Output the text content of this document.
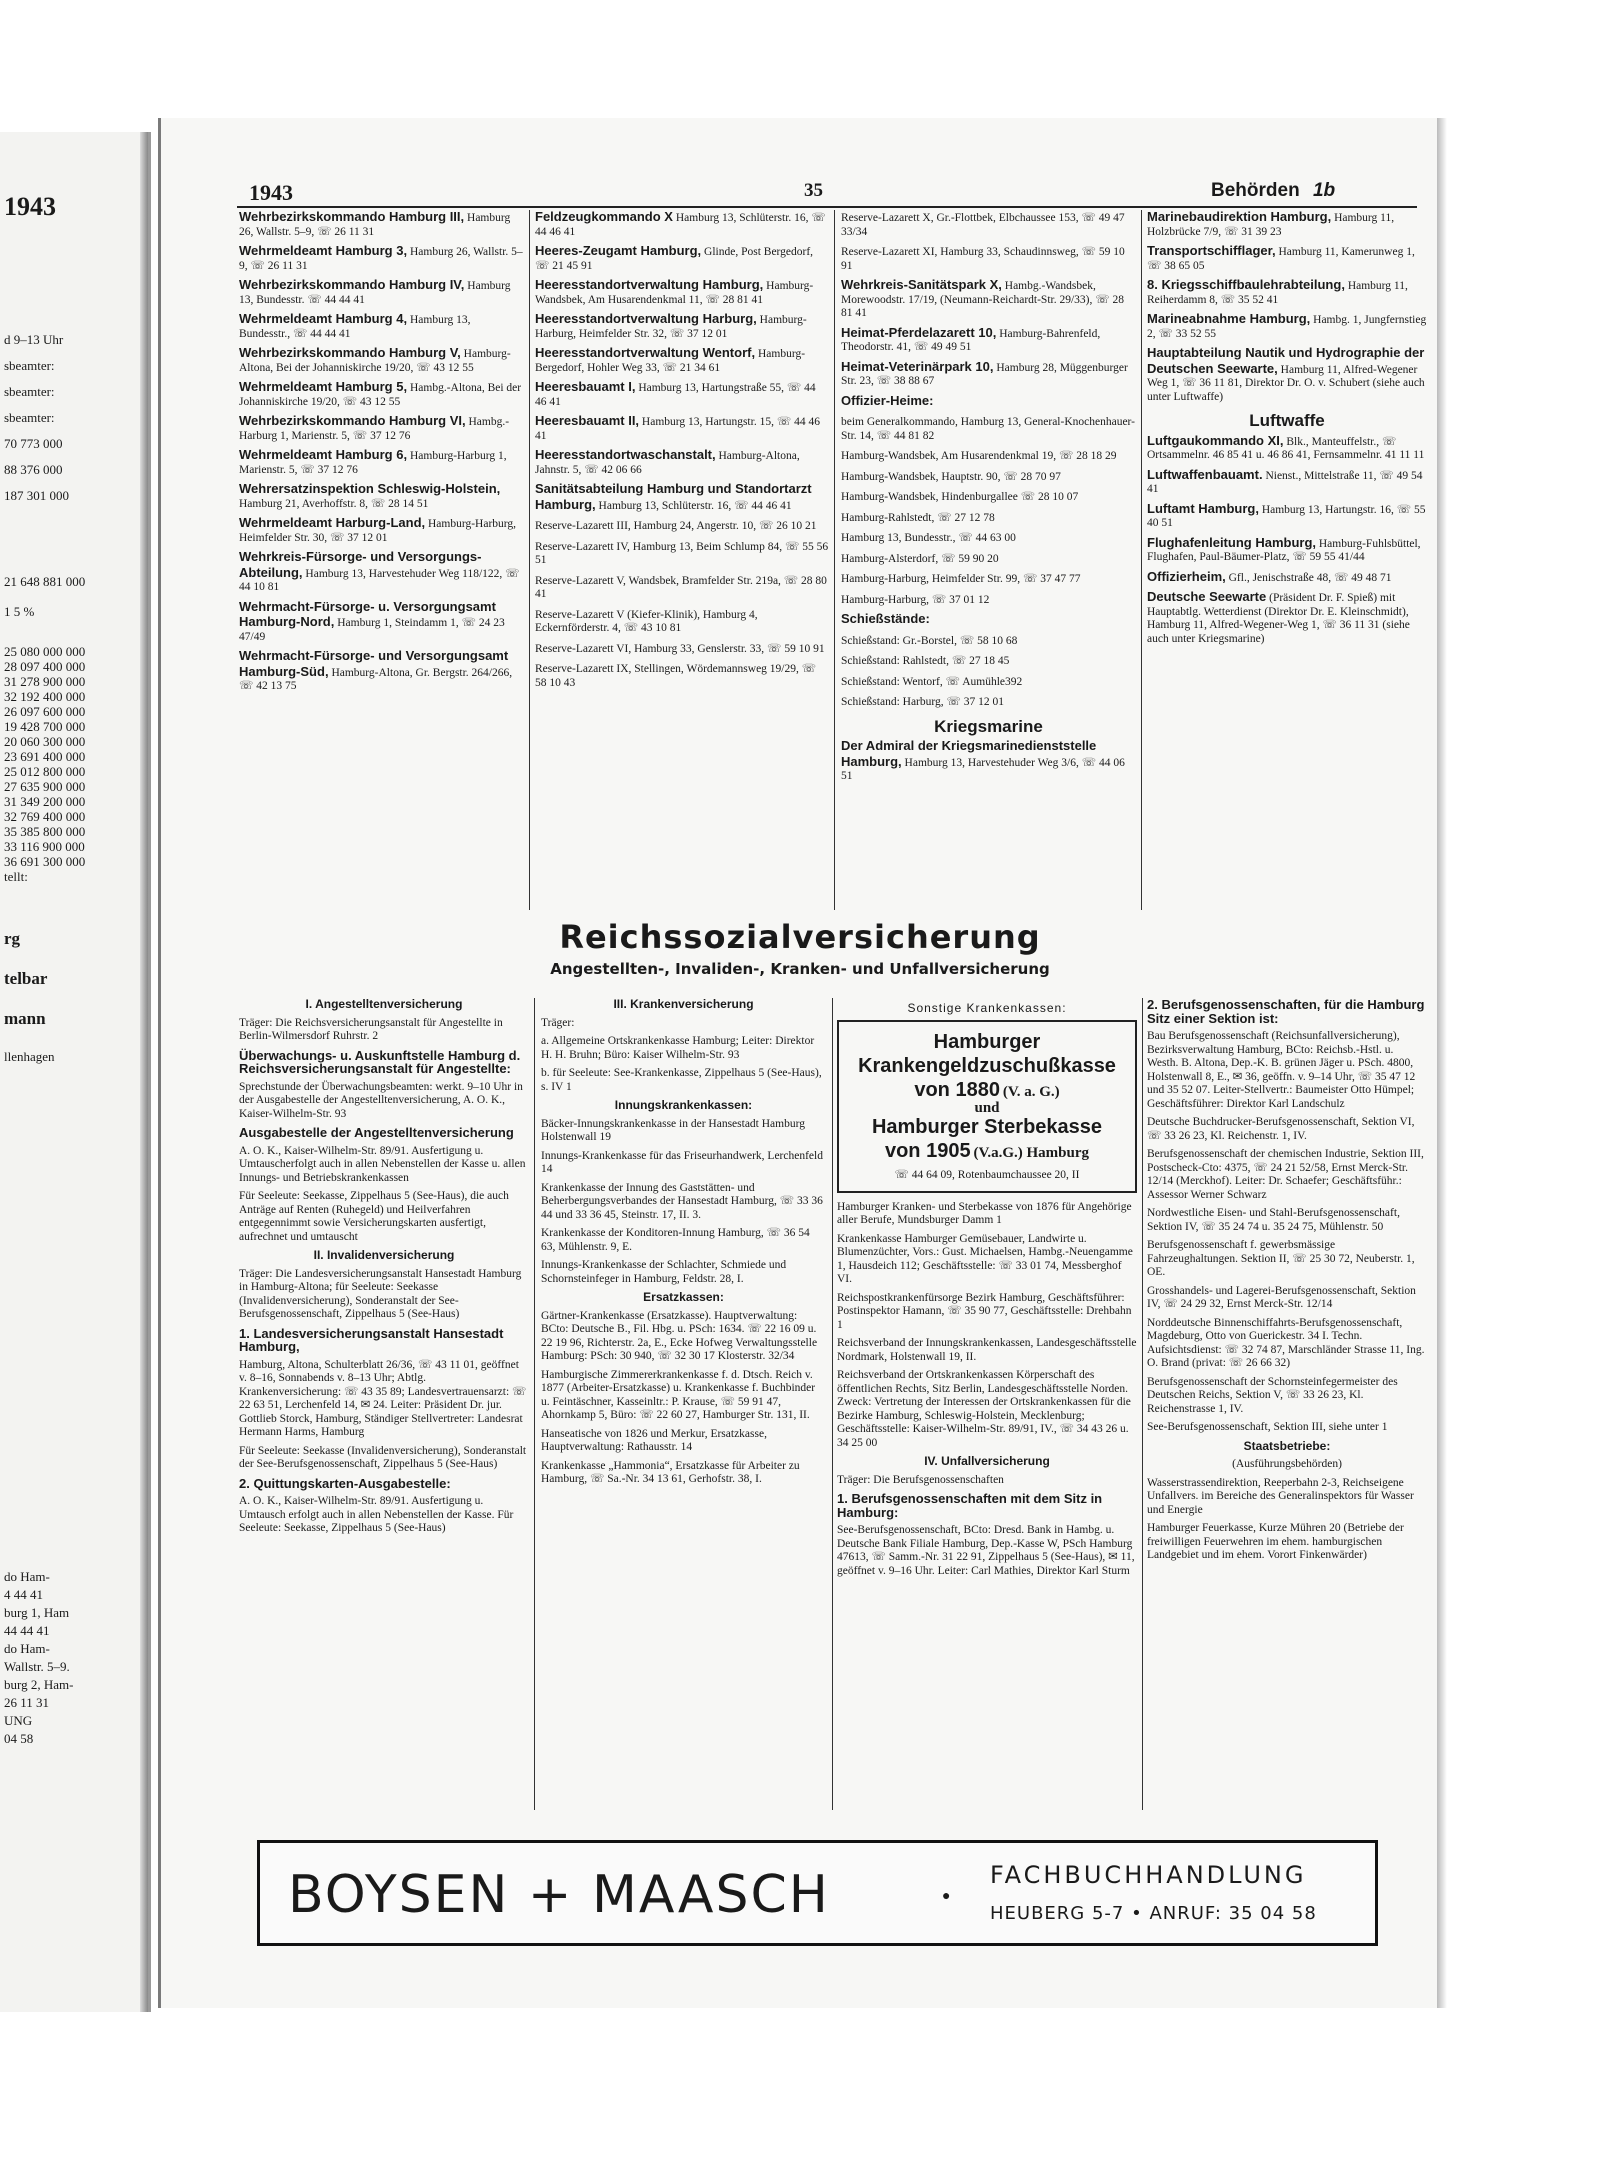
1943
d 9–13 Uhr
sbeamter:
sbeamter:
sbeamter:
70 773 000
88 376 000
187 301 000
21 648 881 000
1 5 %
25 080 000 000
28 097 400 000
31 278 900 000
32 192 400 000
26 097 600 000
19 428 700 000
20 060 300 000
23 691 400 000
25 012 800 000
27 635 900 000
31 349 200 000
32 769 400 000
35 385 800 000
33 116 900 000
36 691 300 000
tellt:
rg
telbar
mann
llenhagen
do Ham-
4 44 41
burg 1, Ham
44 44 41
do Ham-
Wallstr. 5–9.
burg 2, Ham-
26 11 31
UNG
04 58
1943	35	Behörden 1b

Wehrbezirkskommando Hamburg III, Hamburg 26, Wallstr. 5–9, ☏ 26 11 31

Wehrmeldeamt Hamburg 3, Hamburg 26, Wallstr. 5–9, ☏ 26 11 31

Wehrbezirkskommando Hamburg IV, Hamburg 13, Bundesstr. ☏ 44 44 41

Wehrmeldeamt Hamburg 4, Hamburg 13, Bundesstr., ☏ 44 44 41

Wehrbezirkskommando Hamburg V, Hamburg-Altona, Bei der Johanniskirche 19/20, ☏ 43 12 55

Wehrmeldeamt Hamburg 5, Hambg.-Altona, Bei der Johanniskirche 19/20, ☏ 43 12 55

Wehrbezirkskommando Hamburg VI, Hambg.-Harburg 1, Marienstr. 5, ☏ 37 12 76

Wehrmeldeamt Hamburg 6, Hamburg-Harburg 1, Marienstr. 5, ☏ 37 12 76

Wehrersatzinspektion Schleswig-Holstein, Hamburg 21, Averhoffstr. 8, ☏ 28 14 51

Wehrmeldeamt Harburg-Land, Hamburg-Harburg, Heimfelder Str. 30, ☏ 37 12 01

Wehrkreis-Fürsorge- und Versorgungs-Abteilung, Hamburg 13, Harvestehuder Weg 118/122, ☏ 44 10 81

Wehrmacht-Fürsorge- u. Versorgungsamt Hamburg-Nord, Hamburg 1, Steindamm 1, ☏ 24 23 47/49

Wehrmacht-Fürsorge- und Versorgungsamt Hamburg-Süd, Hamburg-Altona, Gr. Bergstr. 264/266, ☏ 42 13 75

Feldzeugkommando X Hamburg 13, Schlüterstr. 16, ☏ 44 46 41

Heeres-Zeugamt Hamburg, Glinde, Post Bergedorf, ☏ 21 45 91

Heeresstandortverwaltung Hamburg, Hamburg-Wandsbek, Am Husarendenkmal 11, ☏ 28 81 41

Heeresstandortverwaltung Harburg, Hamburg-Harburg, Heimfelder Str. 32, ☏ 37 12 01

Heeresstandortverwaltung Wentorf, Hamburg-Bergedorf, Hohler Weg 33, ☏ 21 34 61

Heeresbauamt I, Hamburg 13, Hartungstraße 55, ☏ 44 46 41

Heeresbauamt II, Hamburg 13, Hartungstr. 15, ☏ 44 46 41

Heeresstandortwaschanstalt, Hamburg-Altona, Jahnstr. 5, ☏ 42 06 66

Sanitätsabteilung Hamburg und Standortarzt Hamburg, Hamburg 13, Schlüterstr. 16, ☏ 44 46 41

Reserve-Lazarett III, Hamburg 24, Angerstr. 10, ☏ 26 10 21

Reserve-Lazarett IV, Hamburg 13, Beim Schlump 84, ☏ 55 56 51

Reserve-Lazarett V, Wandsbek, Bramfelder Str. 219a, ☏ 28 80 41

Reserve-Lazarett V (Kiefer-Klinik), Hamburg 4, Eckernförderstr. 4, ☏ 43 10 81

Reserve-Lazarett VI, Hamburg 33, Genslerstr. 33, ☏ 59 10 91

Reserve-Lazarett IX, Stellingen, Wördemannsweg 19/29, ☏ 58 10 43

Reserve-Lazarett X, Gr.-Flottbek, Elbchaussee 153, ☏ 49 47 33/34

Reserve-Lazarett XI, Hamburg 33, Schaudinnsweg, ☏ 59 10 91

Wehrkreis-Sanitätspark X, Hambg.-Wandsbek, Morewoodstr. 17/19, (Neumann-Reichardt-Str. 29/33), ☏ 28 81 41

Heimat-Pferdelazarett 10, Hamburg-Bahrenfeld, Theodorstr. 41, ☏ 49 49 51

Heimat-Veterinärpark 10, Hamburg 28, Müggenburger Str. 23, ☏ 38 88 67

Offizier-Heime:

beim Generalkommando, Hamburg 13, General-Knochenhauer-Str. 14, ☏ 44 81 82

Hamburg-Wandsbek, Am Husarendenkmal 19, ☏ 28 18 29

Hamburg-Wandsbek, Hauptstr. 90, ☏ 28 70 97

Hamburg-Wandsbek, Hindenburgallee ☏ 28 10 07

Hamburg-Rahlstedt, ☏ 27 12 78

Hamburg 13, Bundesstr., ☏ 44 63 00

Hamburg-Alsterdorf, ☏ 59 90 20

Hamburg-Harburg, Heimfelder Str. 99, ☏ 37 47 77

Hamburg-Harburg, ☏ 37 01 12

Schießstände:

Schießstand: Gr.-Borstel, ☏ 58 10 68

Schießstand: Rahlstedt, ☏ 27 18 45

Schießstand: Wentorf, ☏ Aumühle392

Schießstand: Harburg, ☏ 37 12 01

Kriegsmarine

Der Admiral der Kriegsmarinedienststelle Hamburg, Hamburg 13, Harvestehuder Weg 3/6, ☏ 44 06 51

Marinebaudirektion Hamburg, Hamburg 11, Holzbrücke 7/9, ☏ 31 39 23

Transportschifflager, Hamburg 11, Kamerunweg 1, ☏ 38 65 05

8. Kriegsschiffbaulehrabteilung, Hamburg 11, Reiherdamm 8, ☏ 35 52 41

Marineabnahme Hamburg, Hambg. 1, Jungfernstieg 2, ☏ 33 52 55

Hauptabteilung Nautik und Hydrographie der Deutschen Seewarte, Hamburg 11, Alfred-Wegener Weg 1, ☏ 36 11 81, Direktor Dr. O. v. Schubert (siehe auch unter Luftwaffe)

Luftwaffe

Luftgaukommando XI, Blk., Manteuffelstr., ☏ Ortsammelnr. 46 85 41 u. 46 86 41, Fernsammelnr. 41 11 11

Luftwaffenbauamt. Nienst., Mittelstraße 11, ☏ 49 54 41

Luftamt Hamburg, Hamburg 13, Hartungstr. 16, ☏ 55 40 51

Flughafenleitung Hamburg, Hamburg-Fuhlsbüttel, Flughafen, Paul-Bäumer-Platz, ☏ 59 55 41/44

Offizierheim, Gfl., Jenischstraße 48, ☏ 49 48 71

Deutsche Seewarte (Präsident Dr. F. Spieß) mit Hauptabtlg. Wetterdienst (Direktor Dr. E. Kleinschmidt), Hamburg 11, Alfred-Wegener-Weg 1, ☏ 36 11 31 (siehe auch unter Kriegsmarine)

Reichssozialversicherung
Angestellten-, Invaliden-, Kranken- und Unfallversicherung

I. Angestelltenversicherung

Träger: Die Reichsversicherungsanstalt für Angestellte in Berlin-Wilmersdorf Ruhrstr. 2

Überwachungs- u. Auskunftstelle Hamburg d. Reichsversicherungsanstalt für Angestellte:

Sprechstunde der Überwachungsbeamten: werkt. 9–10 Uhr in der Ausgabestelle der Angestelltenversicherung, A. O. K., Kaiser-Wilhelm-Str. 93

Ausgabestelle der Angestelltenversicherung

A. O. K., Kaiser-Wilhelm-Str. 89/91. Ausfertigung u. Umtauscherfolgt auch in allen Nebenstellen der Kasse u. allen Innungs- und Betriebskrankenkassen

Für Seeleute: Seekasse, Zippelhaus 5 (See-Haus), die auch Anträge auf Renten (Ruhegeld) und Heilverfahren entgegennimmt sowie Versicherungskarten ausfertigt, aufrechnet und umtauscht

II. Invalidenversicherung

Träger: Die Landesversicherungsanstalt Hansestadt Hamburg in Hamburg-Altona; für Seeleute: Seekasse (Invalidenversicherung), Sonderanstalt der See-Berufsgenossenschaft, Zippelhaus 5 (See-Haus)

1. Landesversicherungsanstalt Hansestadt Hamburg,

Hamburg, Altona, Schulterblatt 26/36, ☏ 43 11 01, geöffnet v. 8–16, Sonnabends v. 8–13 Uhr; Abtlg. Krankenversicherung: ☏ 43 35 89; Landesvertrauensarzt: ☏ 22 63 51, Lerchenfeld 14, ✉ 24. Leiter: Präsident Dr. jur. Gottlieb Storck, Hamburg, Ständiger Stellvertreter: Landesrat Hermann Harms, Hamburg

Für Seeleute: Seekasse (Invalidenversicherung), Sonderanstalt der See-Berufsgenossenschaft, Zippelhaus 5 (See-Haus)

2. Quittungskarten-Ausgabestelle:

A. O. K., Kaiser-Wilhelm-Str. 89/91. Ausfertigung u. Umtausch erfolgt auch in allen Nebenstellen der Kasse. Für Seeleute: Seekasse, Zippelhaus 5 (See-Haus)

III. Krankenversicherung

Träger:

a. Allgemeine Ortskrankenkasse Hamburg; Leiter: Direktor H. H. Bruhn; Büro: Kaiser Wilhelm-Str. 93

b. für Seeleute: See-Krankenkasse, Zippelhaus 5 (See-Haus), s. IV 1

Innungskrankenkassen:

Bäcker-Innungskrankenkasse in der Hansestadt Hamburg Holstenwall 19

Innungs-Krankenkasse für das Friseurhandwerk, Lerchenfeld 14

Krankenkasse der Innung des Gaststätten- und Beherbergungsverbandes der Hansestadt Hamburg, ☏ 33 36 44 und 33 36 45, Steinstr. 17, II. 3.

Krankenkasse der Konditoren-Innung Hamburg, ☏ 36 54 63, Mühlenstr. 9, E.

Innungs-Krankenkasse der Schlachter, Schmiede und Schornsteinfeger in Hamburg, Feldstr. 28, I.

Ersatzkassen:

Gärtner-Krankenkasse (Ersatzkasse). Hauptverwaltung: BCto: Deutsche B., Fil. Hbg. u. PSch: 1634. ☏ 22 16 09 u. 22 19 96, Richterstr. 2a, E., Ecke Hofweg Verwaltungsstelle Hamburg: PSch: 30 940, ☏ 32 30 17 Klosterstr. 32/34

Hamburgische Zimmererkrankenkasse f. d. Dtsch. Reich v. 1877 (Arbeiter-Ersatzkasse) u. Krankenkasse f. Buchbinder u. Feintäschner, Kasseinltr.: P. Krause, ☏ 59 91 47, Ahornkamp 5, Büro: ☏ 22 60 27, Hamburger Str. 131, II.

Hanseatische von 1826 und Merkur, Ersatzkasse, Hauptverwaltung: Rathausstr. 14

Krankenkasse „Hammonia“, Ersatzkasse für Arbeiter zu Hamburg, ☏ Sa.-Nr. 34 13 61, Gerhofstr. 38, I.

Sonstige Krankenkassen:
Hamburger
Krankengeldzuschußkasse
von 1880 (V. a. G.)
und
Hamburger Sterbekasse
von 1905 (V.a.G.) Hamburg
☏ 44 64 09, Rotenbaumchaussee 20, II

Hamburger Kranken- und Sterbekasse von 1876 für Angehörige aller Berufe, Mundsburger Damm 1

Krankenkasse Hamburger Gemüsebauer, Landwirte u. Blumenzüchter, Vors.: Gust. Michaelsen, Hambg.-Neuengamme 1, Hausdeich 112; Geschäftsstelle: ☏ 33 01 74, Messberghof VI.

Reichspostkrankenfürsorge Bezirk Hamburg, Geschäftsführer: Postinspektor Hamann, ☏ 35 90 77, Geschäftsstelle: Drehbahn 1

Reichsverband der Innungskrankenkassen, Landesgeschäftsstelle Nordmark, Holstenwall 19, II.

Reichsverband der Ortskrankenkassen Körperschaft des öffentlichen Rechts, Sitz Berlin, Landesgeschäftsstelle Norden. Zweck: Vertretung der Interessen der Ortskrankenkassen für die Bezirke Hamburg, Schleswig-Holstein, Mecklenburg; Geschäftsstelle: Kaiser-Wilhelm-Str. 89/91, IV., ☏ 34 43 26 u. 34 25 00

IV. Unfallversicherung

Träger: Die Berufsgenossenschaften

1. Berufsgenossenschaften mit dem Sitz in Hamburg:

See-Berufsgenossenschaft, BCto: Dresd. Bank in Hambg. u. Deutsche Bank Filiale Hamburg, Dep.-Kasse W, PSch Hamburg 47613, ☏ Samm.-Nr. 31 22 91, Zippelhaus 5 (See-Haus), ✉ 11, geöffnet v. 9–16 Uhr. Leiter: Carl Mathies, Direktor Karl Sturm

2. Berufsgenossenschaften, für die Hamburg Sitz einer Sektion ist:

Bau Berufsgenossenschaft (Reichsunfallversicherung), Bezirksverwaltung Hamburg, BCto: Reichsb.-Hstl. u. Westh. B. Altona, Dep.-K. B. grünen Jäger u. PSch. 4800, Holstenwall 8, E., ✉ 36, geöffn. v. 9–14 Uhr, ☏ 35 47 12 und 35 52 07. Leiter-Stellvertr.: Baumeister Otto Hümpel; Geschäftsführer: Direktor Karl Landschulz

Deutsche Buchdrucker-Berufsgenossenschaft, Sektion VI, ☏ 33 26 23, Kl. Reichenstr. 1, IV.

Berufsgenossenschaft der chemischen Industrie, Sektion III, Postscheck-Cto: 4375, ☏ 24 21 52/58, Ernst Merck-Str. 12/14 (Merckhof). Leiter: Dr. Schaefer; Geschäftsführ.: Assessor Werner Schwarz

Nordwestliche Eisen- und Stahl-Berufsgenossenschaft, Sektion IV, ☏ 35 24 74 u. 35 24 75, Mühlenstr. 50

Berufsgenossenschaft f. gewerbsmässige Fahrzeughaltungen. Sektion II, ☏ 25 30 72, Neuberstr. 1, OE.

Grosshandels- und Lagerei-Berufsgenossenschaft, Sektion IV, ☏ 24 29 32, Ernst Merck-Str. 12/14

Norddeutsche Binnenschiffahrts-Berufsgenossenschaft, Magdeburg, Otto von Guerickestr. 34 I. Techn. Aufsichtsdienst: ☏ 32 74 87, Marschländer Strasse 11, Ing. O. Brand (privat: ☏ 26 66 32)

Berufsgenossenschaft der Schornsteinfegermeister des Deutschen Reichs, Sektion V, ☏ 33 26 23, Kl. Reichenstrasse 1, IV.

See-Berufsgenossenschaft, Sektion III, siehe unter 1

Staatsbetriebe:

(Ausführungsbehörden)

Wasserstrassendirektion, Reeperbahn 2-3, Reichseigene Unfallvers. im Bereiche des Generalinspektors für Wasser und Energie

Hamburger Feuerkasse, Kurze Mühren 20 (Betriebe der freiwilligen Feuerwehren im ehem. hamburgischen Landgebiet und im ehem. Vorort Finkenwärder)

BOYSEN + MAASCH	●
FACHBUCHHANDLUNG
HEUBERG 5-7 • ANRUF: 35 04 58
